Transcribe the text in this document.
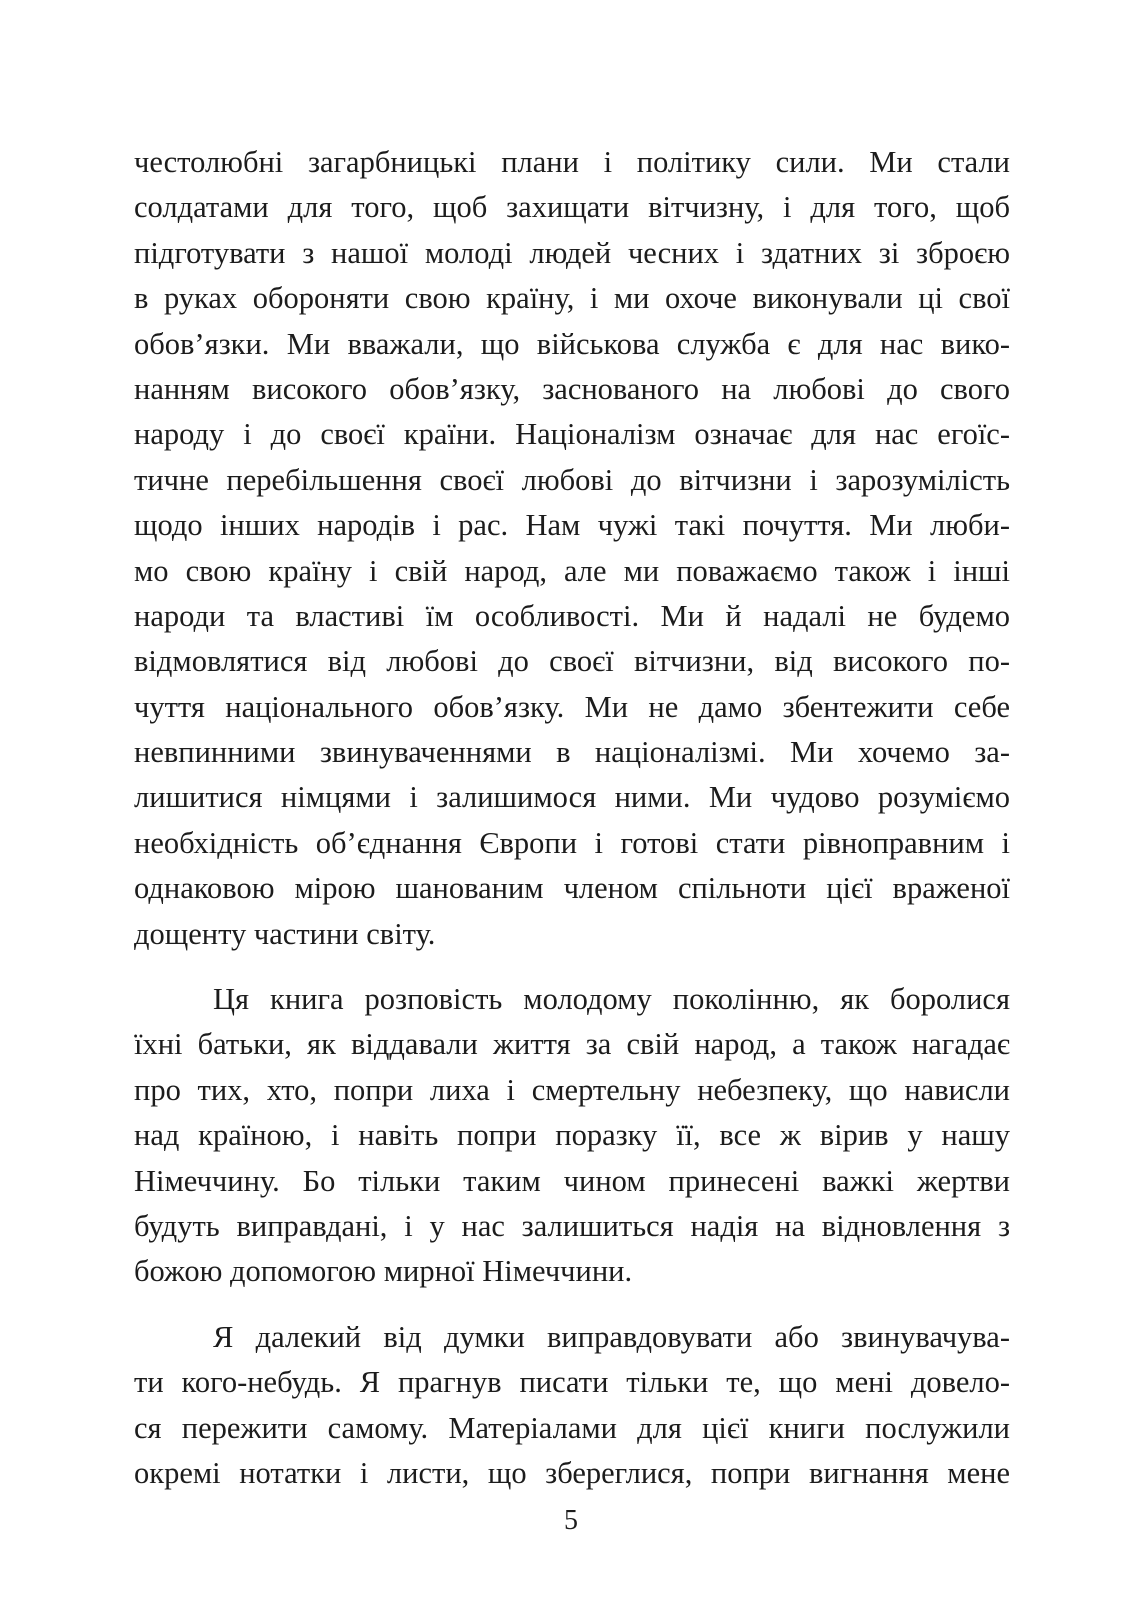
честолюбні загарбницькі плани і політику сили. Ми стали
солдатами для того, щоб захищати вітчизну, і для того, щоб
підготувати з нашої молоді людей чесних і здатних зі зброєю
в руках обороняти свою країну, і ми охоче виконували ці свої
обов’язки. Ми вважали, що військова служба є для нас вико-
нанням високого обов’язку, заснованого на любові до свого
народу і до своєї країни. Націоналізм означає для нас егоїс-
тичне перебільшення своєї любові до вітчизни і зарозумілість
щодо інших народів і рас. Нам чужі такі почуття. Ми люби-
мо свою країну і свій народ, але ми поважаємо також і інші
народи та властиві їм особливості. Ми й надалі не будемо
відмовлятися від любові до своєї вітчизни, від високого по-
чуття національного обов’язку. Ми не дамо збентежити себе
невпинними звинуваченнями в націоналізмі. Ми хочемо за-
лишитися німцями і залишимося ними. Ми чудово розуміємо
необхідність об’єднання Європи і готові стати рівноправним і
однаковою мірою шанованим членом спільноти цієї враженої
дощенту частини світу.

Ця книга розповість молодому поколінню, як боролися
їхні батьки, як віддавали життя за свій народ, а також нагадає
про тих, хто, попри лиха і смертельну небезпеку, що нависли
над країною, і навіть попри поразку її, все ж вірив у нашу
Німеччину. Бо тільки таким чином принесені важкі жертви
будуть виправдані, і у нас залишиться надія на відновлення з
божою допомогою мирної Німеччини.

Я далекий від думки виправдовувати або звинувачува-
ти кого-небудь. Я прагнув писати тільки те, що мені довело-
ся пережити самому. Матеріалами для цієї книги послужили
окремі нотатки і листи, що збереглися, попри вигнання мене

5
